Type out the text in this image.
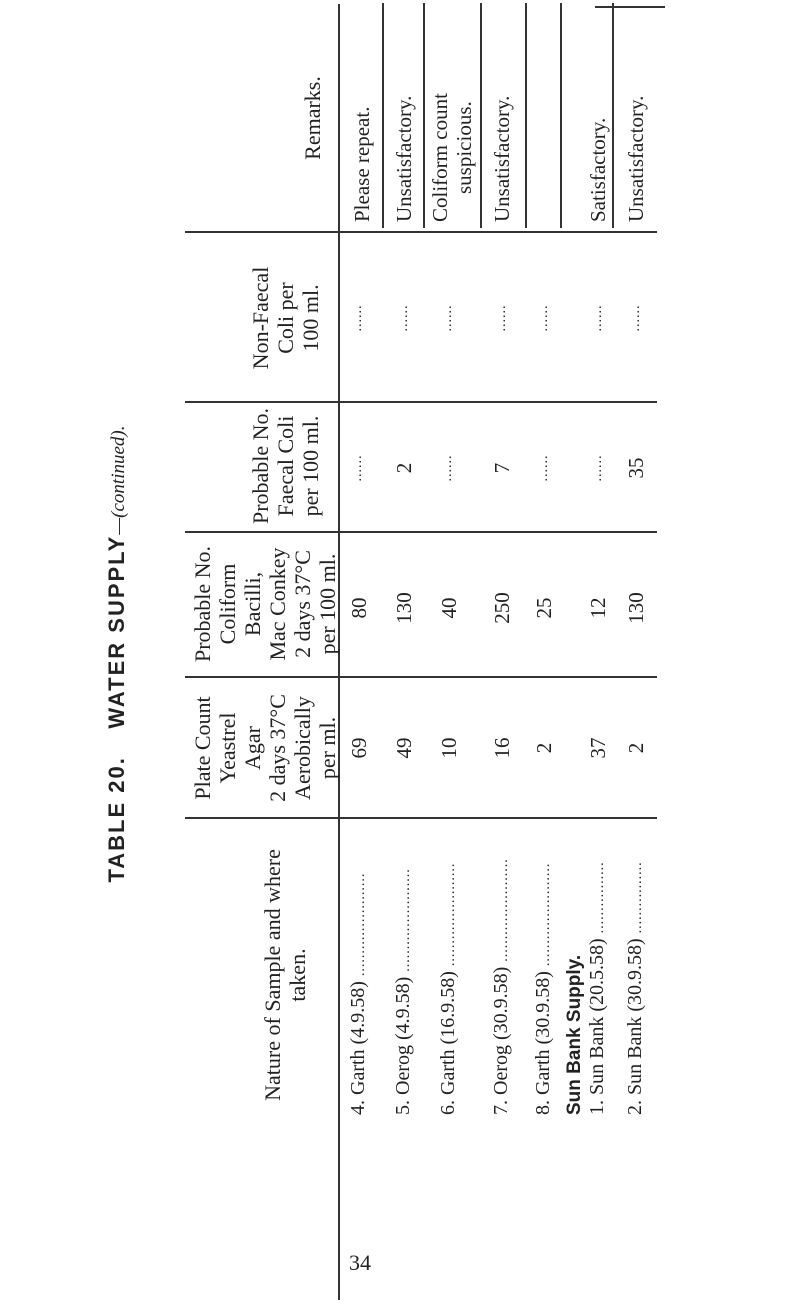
TABLE 20.     WATER SUPPLY—(continued).
Nature of Sample and where taken.
Plate Count Yeastrel Agar 2 days 37°C Aerobically per ml.
Probable No. Coliform Bacilli, Mac Conkey 2 days 37°C per 100 ml.
Probable No. Faecal Coli per 100 ml.
Non-Faecal Coli per 100 ml.
Remarks.
4. Garth (4.9.58) .......................
69
80
......
......
Please repeat.
5. Oerog (4.9.58) .......................
49
130
2
......
Unsatisfactory.
6. Garth (16.9.58) .......................
10
40
......
......
Coliform count suspicious.
7. Oerog (30.9.58) .......................
16
250
7
......
Unsatisfactory.
8. Garth (30.9.58) .......................
2
25
......
......
Sun Bank Supply. 1. Sun Bank (20.5.58) ................
37
12
......
......
Satisfactory.
2. Sun Bank (30.9.58) ................
2
130
35
......
Unsatisfactory.
34
